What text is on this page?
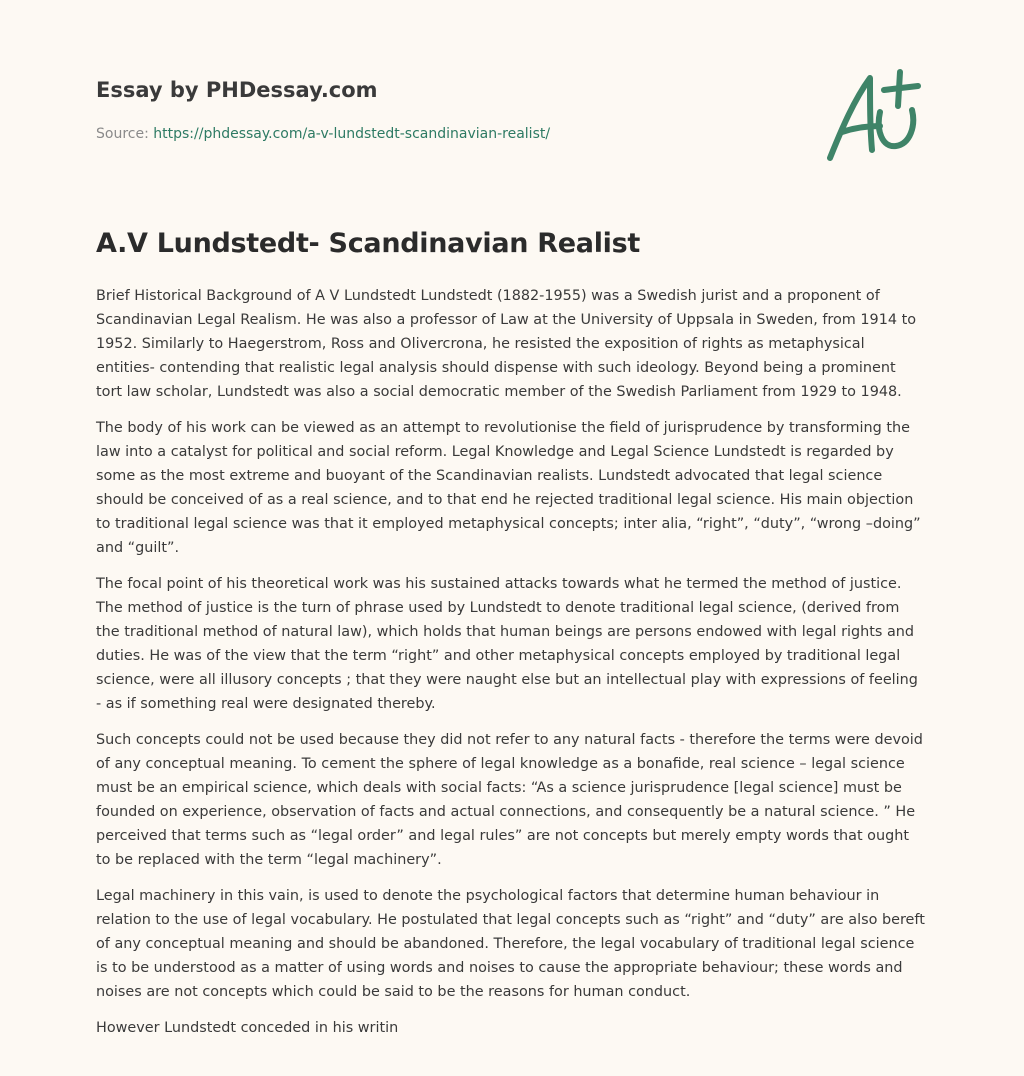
Essay by PHDessay.com
Source: https://phdessay.com/a-v-lundstedt-scandinavian-realist/
A.V Lundstedt- Scandinavian Realist

Brief Historical Background of A V Lundstedt Lundstedt (1882-1955) was a Swedish jurist and a proponent of Scandinavian Legal Realism. He was also a professor of Law at the University of Uppsala in Sweden, from 1914 to 1952. Similarly to Haegerstrom, Ross and Olivercrona, he resisted the exposition of rights as metaphysical entities- contending that realistic legal analysis should dispense with such ideology. Beyond being a prominent tort law scholar, Lundstedt was also a social democratic member of the Swedish Parliament from 1929 to 1948.

The body of his work can be viewed as an attempt to revolutionise the field of jurisprudence by transforming the law into a catalyst for political and social reform. Legal Knowledge and Legal Science Lundstedt is regarded by some as the most extreme and buoyant of the Scandinavian realists. Lundstedt advocated that legal science should be conceived of as a real science, and to that end he rejected traditional legal science. His main objection to traditional legal science was that it employed metaphysical concepts; inter alia, “right”, “duty”, “wrong –doing” and “guilt”.

The focal point of his theoretical work was his sustained attacks towards what he termed the method of justice. The method of justice is the turn of phrase used by Lundstedt to denote traditional legal science, (derived from the traditional method of natural law), which holds that human beings are persons endowed with legal rights and duties. He was of the view that the term “right” and other metaphysical concepts employed by traditional legal science, were all illusory concepts ; that they were naught else but an intellectual play with expressions of feeling - as if something real were designated thereby.

Such concepts could not be used because they did not refer to any natural facts - therefore the terms were devoid of any conceptual meaning. To cement the sphere of legal knowledge as a bonafide, real science – legal science must be an empirical science, which deals with social facts: “As a science jurisprudence [legal science] must be founded on experience, observation of facts and actual connections, and consequently be a natural science. ” He perceived that terms such as “legal order” and legal rules” are not concepts but merely empty words that ought to be replaced with the term “legal machinery”.

Legal machinery in this vain, is used to denote the psychological factors that determine human behaviour in relation to the use of legal vocabulary. He postulated that legal concepts such as “right” and “duty” are also bereft of any conceptual meaning and should be abandoned. Therefore, the legal vocabulary of traditional legal science is to be understood as a matter of using words and noises to cause the appropriate behaviour; these words and noises are not concepts which could be said to be the reasons for human conduct.

However Lundstedt conceded in his writin
